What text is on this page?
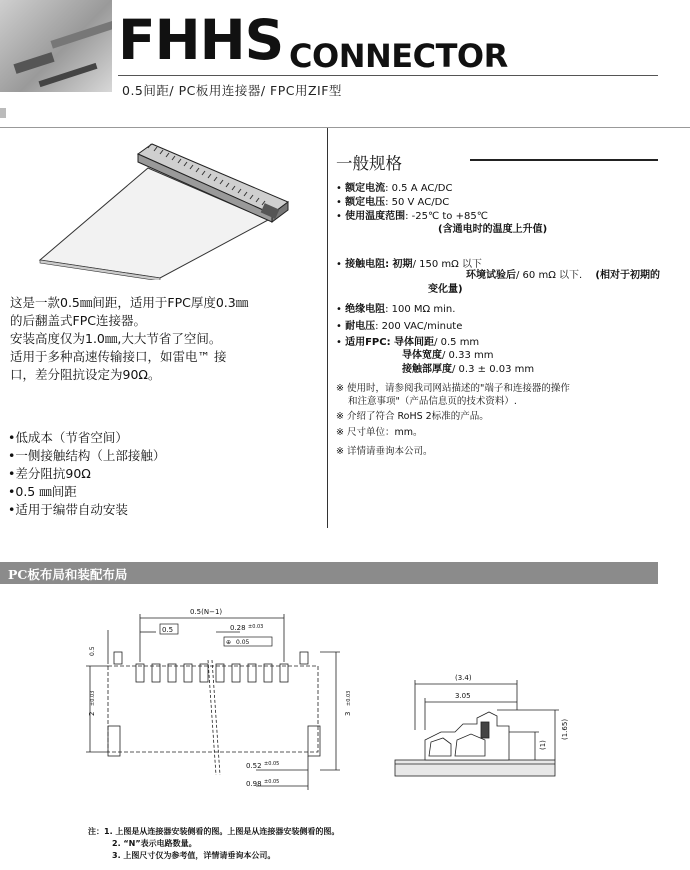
FHHS CONNECTOR
0.5间距/ PC板用连接器/ FPC用ZIF型
这是一款0.5㎜间距，适用于FPC厚度0.3㎜
的后翻盖式FPC连接器。
安装高度仅为1.0㎜,大大节省了空间。
适用于多种高速传输接口，如雷电™ 接
口，差分阻抗设定为90Ω。
•低成本（节省空间）
•一侧接触结构（上部接触）
•差分阻抗90Ω
•0.5 ㎜间距
•适用于编带自动安装
一般规格
• 额定电流: 0.5 A AC/DC
• 额定电压: 50 V AC/DC
• 使用温度范围: -25℃ to +85℃
(含通电时的温度上升值)
• 接触电阻: 初期/ 150 mΩ 以下
环境试验后/ 60 mΩ 以下. (相对于初期的
变化量)
• 绝缘电阻: 100 MΩ min.
• 耐电压: 200 VAC/minute
• 适用FPC: 导体间距/ 0.5 mm
导体宽度/ 0.33 mm
接触部厚度/ 0.3 ± 0.03 mm
※ 使用时，请参阅我司网站描述的"端子和连接器的操作
和注意事项"（产品信息页的技术资料）.
※ 介绍了符合 RoHS 2标准的产品。
※ 尺寸单位：mm。
※ 详情请垂询本公司。
PC板布局和装配布局
0.5(N−1)
0.5	0.28 ±0.03
⊕ 0.05
0.5
2
±0.03
3
±0.03
0.52 ±0.05
0.98 ±0.05
(3.4)
3.05
(1)
(1.65)
注：1. 上图是从连接器安装侧看的图。上图是从连接器安装侧看的图。
2. “N”表示电路数量。
3. 上图尺寸仅为参考值，详情请垂询本公司。
